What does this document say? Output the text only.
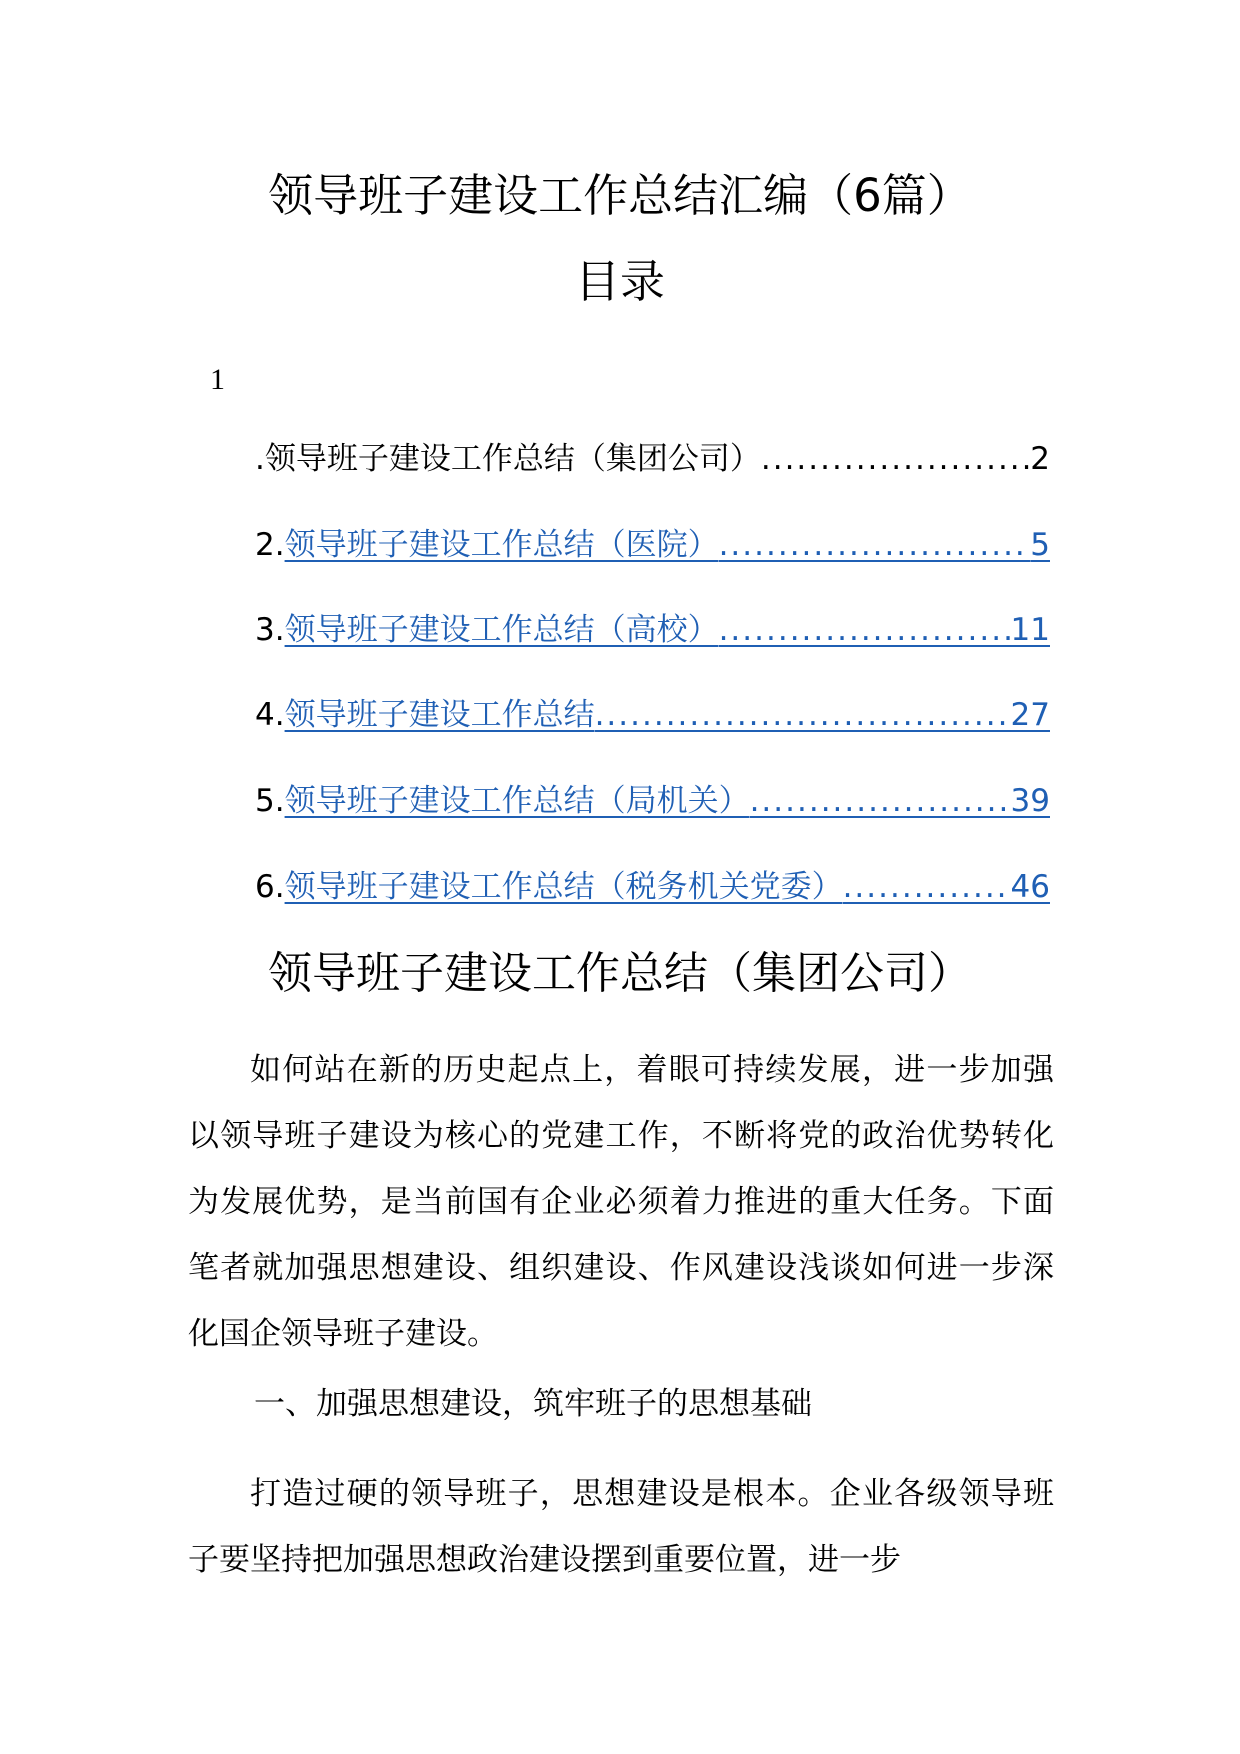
领导班子建设工作总结汇编（6篇）
目录
1
.领导班子建设工作总结（集团公司） .....	2
2. 领导班子建设工作总结（医院） .....	5
3. 领导班子建设工作总结（高校） .....	11
4. 领导班子建设工作总结 .....	27
5. 领导班子建设工作总结（局机关） .....	39
6. 领导班子建设工作总结（税务机关党委） .....	46
领导班子建设工作总结（集团公司）

如何站在新的历史起点上，着眼可持续发展，进一步加强以领导班子建设为核心的党建工作，不断将党的政治优势转化为发展优势，是当前国有企业必须着力推进的重大任务。下面笔者就加强思想建设、组织建设、作风建设浅谈如何进一步深化国企领导班子建设。

一、加强思想建设，筑牢班子的思想基础

打造过硬的领导班子，思想建设是根本。企业各级领导班子要坚持把加强思想政治建设摆到重要位置，进一步
